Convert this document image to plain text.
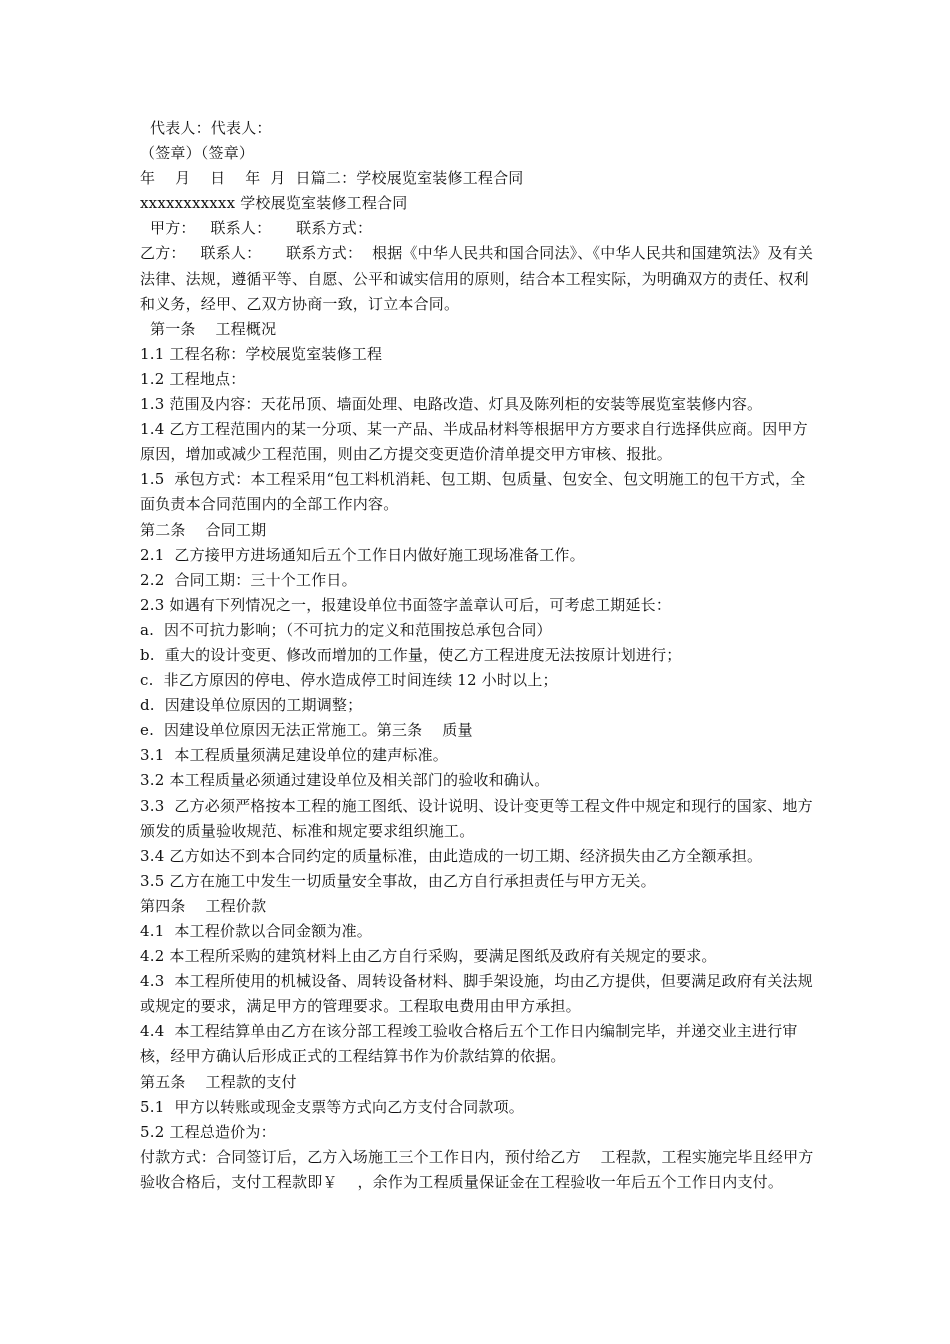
代表人：代表人：

（签章）（签章）

年    月    日    年  月  日篇二：学校展览室装修工程合同

xxxxxxxxxxx 学校展览室装修工程合同

甲方：   联系人：     联系方式：

乙方：   联系人：     联系方式：  根据《中华人民共和国合同法》、《中华人民共和国建筑法》及有关法律、法规，遵循平等、自愿、公平和诚实信用的原则，结合本工程实际，为明确双方的责任、权利和义务，经甲、乙双方协商一致，订立本合同。

第一条    工程概况

1.1 工程名称：学校展览室装修工程

1.2 工程地点：

1.3 范围及内容：天花吊顶、墙面处理、电路改造、灯具及陈列柜的安装等展览室装修内容。

1.4 乙方工程范围内的某一分项、某一产品、半成品材料等根据甲方方要求自行选择供应商。因甲方原因，增加或减少工程范围，则由乙方提交变更造价清单提交甲方审核、报批。

1.5  承包方式：本工程采用“包工料机消耗、包工期、包质量、包安全、包文明施工的包干方式，全面负责本合同范围内的全部工作内容。

第二条    合同工期

2.1  乙方接甲方进场通知后五个工作日内做好施工现场准备工作。

2.2  合同工期：三十个工作日。

2.3 如遇有下列情况之一，报建设单位书面签字盖章认可后，可考虑工期延长：

a.  因不可抗力影响；（不可抗力的定义和范围按总承包合同）

b.  重大的设计变更、修改而增加的工作量，使乙方工程进度无法按原计划进行；

c.  非乙方原因的停电、停水造成停工时间连续 12 小时以上；

d.  因建设单位原因的工期调整；

e.  因建设单位原因无法正常施工。第三条    质量

3.1  本工程质量须满足建设单位的建声标准。

3.2 本工程质量必须通过建设单位及相关部门的验收和确认。

3.3  乙方必须严格按本工程的施工图纸、设计说明、设计变更等工程文件中规定和现行的国家、地方颁发的质量验收规范、标准和规定要求组织施工。

3.4 乙方如达不到本合同约定的质量标准，由此造成的一切工期、经济损失由乙方全额承担。

3.5 乙方在施工中发生一切质量安全事故，由乙方自行承担责任与甲方无关。

第四条    工程价款

4.1  本工程价款以合同金额为准。

4.2 本工程所采购的建筑材料上由乙方自行采购，要满足图纸及政府有关规定的要求。

4.3  本工程所使用的机械设备、周转设备材料、脚手架设施，均由乙方提供，但要满足政府有关法规或规定的要求，满足甲方的管理要求。工程取电费用由甲方承担。

4.4  本工程结算单由乙方在该分部工程竣工验收合格后五个工作日内编制完毕，并递交业主进行审核，经甲方确认后形成正式的工程结算书作为价款结算的依据。

第五条    工程款的支付

5.1  甲方以转账或现金支票等方式向乙方支付合同款项。

5.2 工程总造价为：

付款方式：合同签订后，乙方入场施工三个工作日内，预付给乙方    工程款，工程实施完毕且经甲方验收合格后，支付工程款即￥    ，余作为工程质量保证金在工程验收一年后五个工作日内支付。
